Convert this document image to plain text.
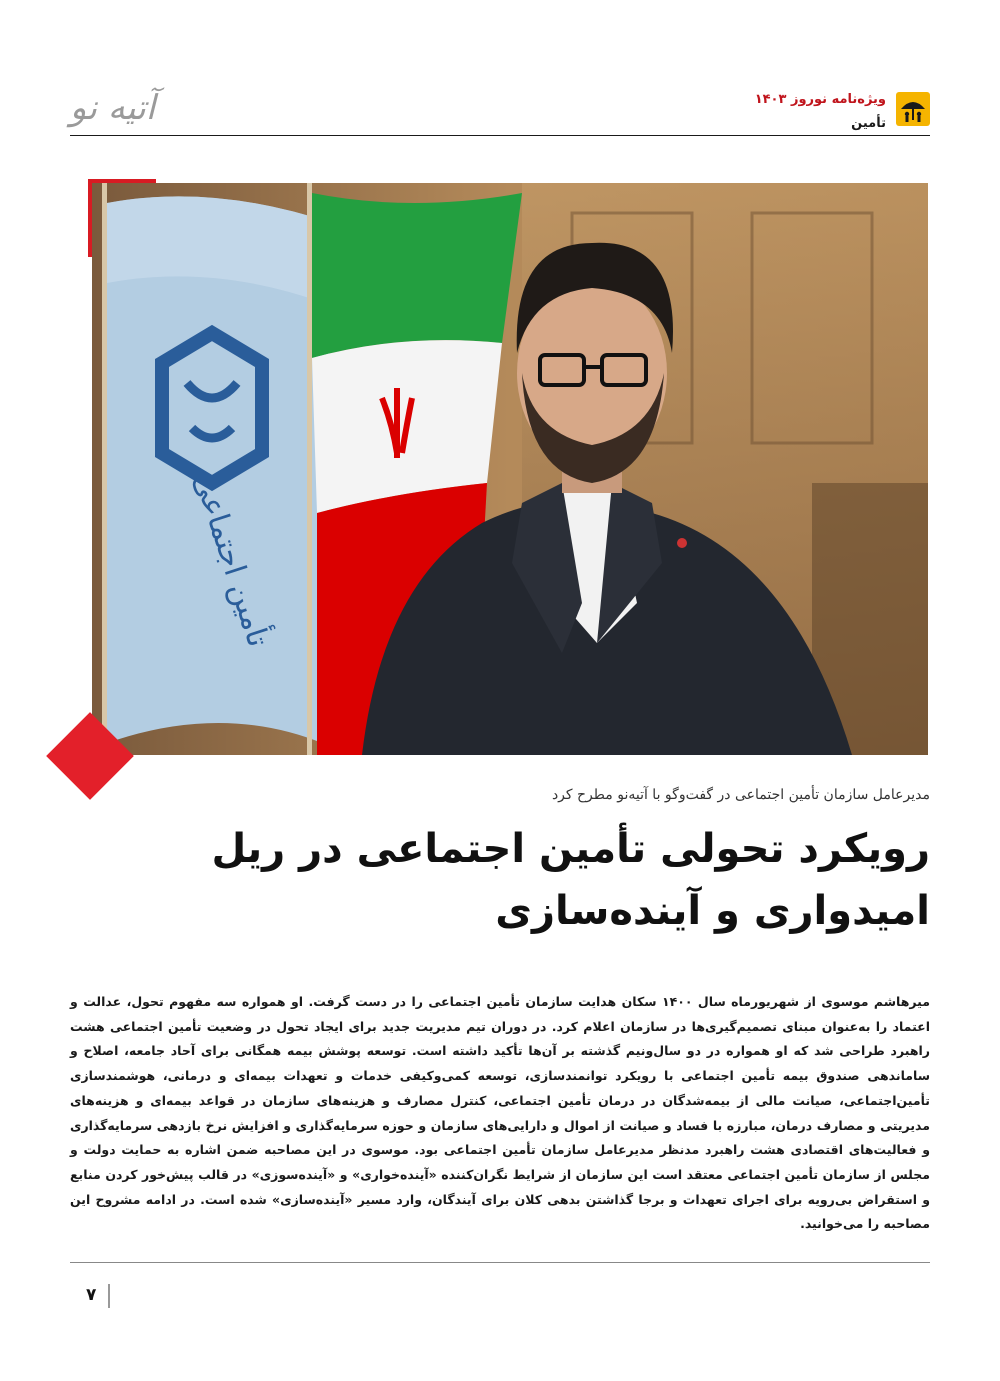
ویژه‌نامه نوروز ۱۴۰۳
تأمین
آتیه نو
تأمین اجتماعی
مدیرعامل سازمان تأمین اجتماعی در گفت‌وگو با آتیه‌نو مطرح کرد
رویکرد تحولی تأمین اجتماعی در ریل امیدواری و آینده‌سازی

میرهاشم موسوی از شهریورماه سال ۱۴۰۰ سکان هدایت سازمان تأمین اجتماعی را در دست گرفت. او همواره سه مفهوم تحول، عدالت و اعتماد را به‌عنوان مبنای تصمیم‌گیری‌ها در سازمان اعلام کرد. در دوران تیم مدیریت جدید برای ایجاد تحول در وضعیت تأمین اجتماعی هشت راهبرد طراحی شد که او همواره در دو سال‌ونیم گذشته بر آن‌ها تأکید داشته است. توسعه پوشش بیمه همگانی برای آحاد جامعه، اصلاح و ساماندهی صندوق بیمه تأمین اجتماعی با رویکرد توانمندسازی، توسعه کمی‌وکیفی خدمات و تعهدات بیمه‌ای و درمانی، هوشمندسازی تأمین‌اجتماعی، صیانت مالی از بیمه‌شدگان در درمان تأمین اجتماعی، کنترل مصارف و هزینه‌های سازمان در قواعد بیمه‌ای و هزینه‌های مدیریتی و مصارف درمان، مبارزه با فساد و صیانت از اموال و دارایی‌های سازمان و حوزه سرمایه‌گذاری و افزایش نرخ بازدهی سرمایه‌گذاری و فعالیت‌های اقتصادی هشت راهبرد مدنظر مدیرعامل سازمان تأمین اجتماعی بود. موسوی در این مصاحبه ضمن اشاره به حمایت دولت و مجلس از سازمان تأمین اجتماعی معتقد است این سازمان از شرایط نگران‌کننده «آینده‌خواری» و «آینده‌سوزی» در قالب پیش‌خور کردن منابع و استقراض بی‌رویه برای اجرای تعهدات و برجا گذاشتن بدهی کلان برای آیندگان، وارد مسیر «آینده‌سازی» شده است. در ادامه مشروح این مصاحبه را می‌خوانید.

۷
